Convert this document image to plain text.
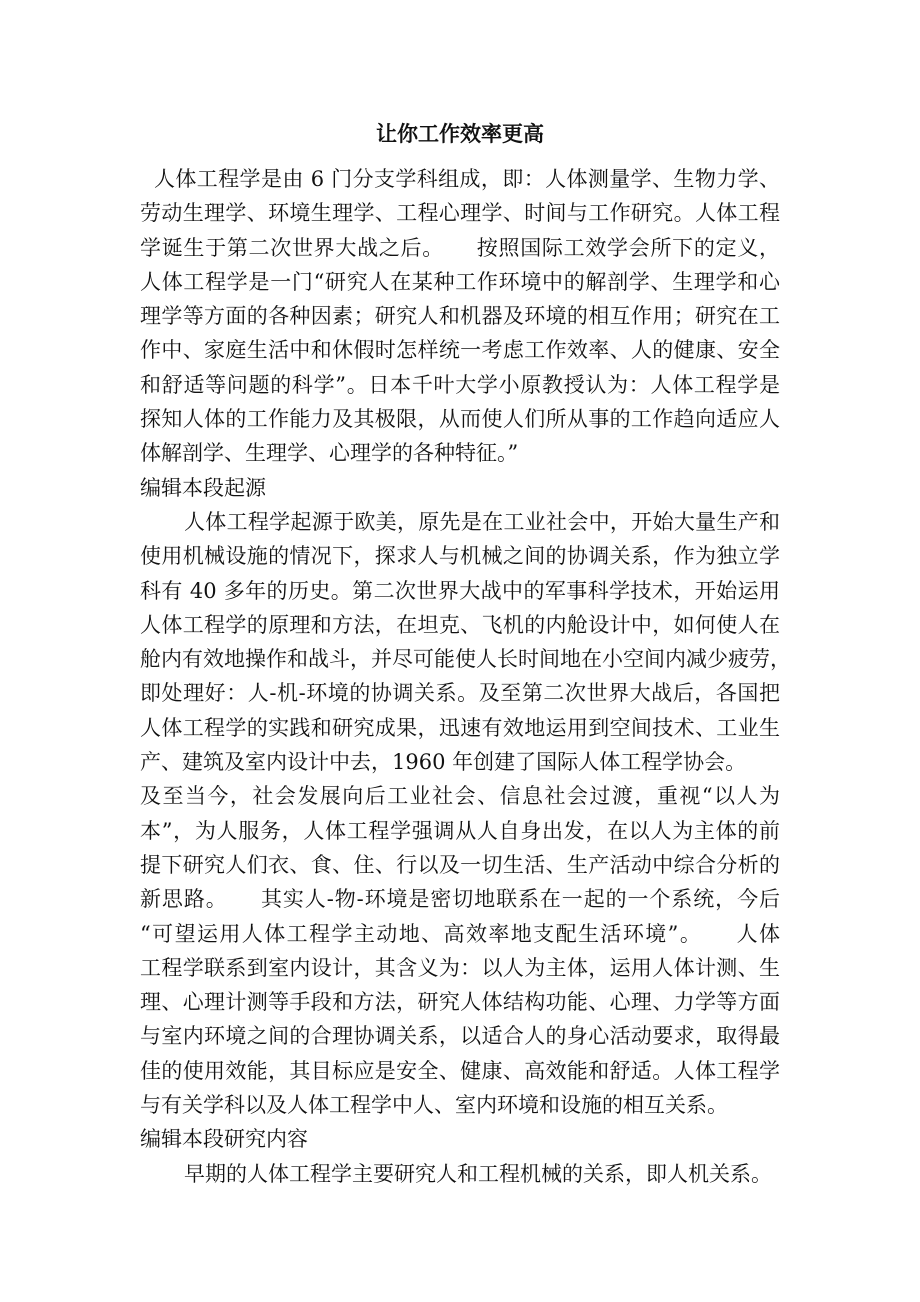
让你工作效率更高
人体工程学是由 6 门分支学科组成，即：人体测量学、生物力学、
劳动生理学、环境生理学、工程心理学、时间与工作研究。人体工程
学诞生于第二次世界大战之后。　　按照国际工效学会所下的定义，
人体工程学是一门“研究人在某种工作环境中的解剖学、生理学和心
理学等方面的各种因素；研究人和机器及环境的相互作用；研究在工
作中、家庭生活中和休假时怎样统一考虑工作效率、人的健康、安全
和舒适等问题的科学”。日本千叶大学小原教授认为：人体工程学是
探知人体的工作能力及其极限，从而使人们所从事的工作趋向适应人
体解剖学、生理学、心理学的各种特征。”
编辑本段起源
人体工程学起源于欧美，原先是在工业社会中，开始大量生产和
使用机械设施的情况下，探求人与机械之间的协调关系，作为独立学
科有 40 多年的历史。第二次世界大战中的军事科学技术，开始运用
人体工程学的原理和方法，在坦克、飞机的内舱设计中，如何使人在
舱内有效地操作和战斗，并尽可能使人长时间地在小空间内减少疲劳，
即处理好：人-机-环境的协调关系。及至第二次世界大战后，各国把
人体工程学的实践和研究成果，迅速有效地运用到空间技术、工业生
产、建筑及室内设计中去，1960 年创建了国际人体工程学协会。
及至当今，社会发展向后工业社会、信息社会过渡，重视“以人为
本”，为人服务，人体工程学强调从人自身出发，在以人为主体的前
提下研究人们衣、食、住、行以及一切生活、生产活动中综合分析的
新思路。　　其实人-物-环境是密切地联系在一起的一个系统，今后
“可望运用人体工程学主动地、高效率地支配生活环境”。　　人体
工程学联系到室内设计，其含义为：以人为主体，运用人体计测、生
理、心理计测等手段和方法，研究人体结构功能、心理、力学等方面
与室内环境之间的合理协调关系，以适合人的身心活动要求，取得最
佳的使用效能，其目标应是安全、健康、高效能和舒适。人体工程学
与有关学科以及人体工程学中人、室内环境和设施的相互关系。
编辑本段研究内容
早期的人体工程学主要研究人和工程机械的关系，即人机关系。
